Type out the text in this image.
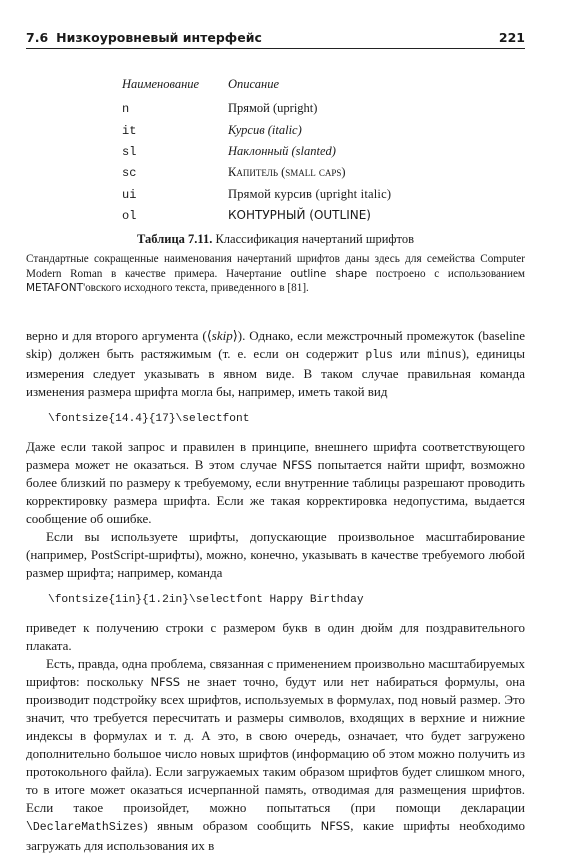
7.6 Низкоуровневый интерфейс	221
Наименование	Описание
n	Прямой (upright)
it	Курсив (italic)
sl	Наклонный (slanted)
sc	Капитель (small caps)
ui	Прямой курсив (upright italic)
ol	КОНТУРНЫЙ (OUTLINE)
Таблица 7.11. Классификация начертаний шрифтов
Стандартные сокращенные наименования начертаний шрифтов даны здесь для семейства Computer Modern Roman в качестве примера. Начертание outline shape построено с использованием METAFONT'овского исходного текста, приведенного в [81].

верно и для второго аргумента (⟨skip⟩). Однако, если межстрочный промежуток (baseline skip) должен быть растяжимым (т. е. если он содержит plus или minus), единицы измерения следует указывать в явном виде. В таком случае правильная команда изменения размера шрифта могла бы, например, иметь такой вид

\fontsize{14.4}{17}\selectfont

Даже если такой запрос и правилен в принципе, внешнего шрифта соответствующего размера может не оказаться. В этом случае NFSS попытается найти шрифт, возможно более близкий по размеру к требуемому, если внутренние таблицы разрешают проводить корректировку размера шрифта. Если же такая корректировка недопустима, выдается сообщение об ошибке.

Если вы используете шрифты, допускающие произвольное масштабирование (например, PostScript-шрифты), можно, конечно, указывать в качестве требуемого любой размер шрифта; например, команда

\fontsize{1in}{1.2in}\selectfont Happy Birthday

приведет к получению строки с размером букв в один дюйм для поздравительного плаката.

Есть, правда, одна проблема, связанная с применением произвольно масштабируемых шрифтов: поскольку NFSS не знает точно, будут или нет набираться формулы, она производит подстройку всех шрифтов, используемых в формулах, под новый размер. Это значит, что требуется пересчитать и размеры символов, входящих в верхние и нижние индексы в формулах и т. д. А это, в свою очередь, означает, что будет загружено дополнительно большое число новых шрифтов (информацию об этом можно получить из протокольного файла). Если загружаемых таким образом шрифтов будет слишком много, то в итоге может оказаться исчерпанной память, отводимая для размещения шрифтов. Если такое произойдет, можно попытаться (при помощи декларации \DeclareMathSizes) явным образом сообщить NFSS, какие шрифты необходимо загружать для использования их в
